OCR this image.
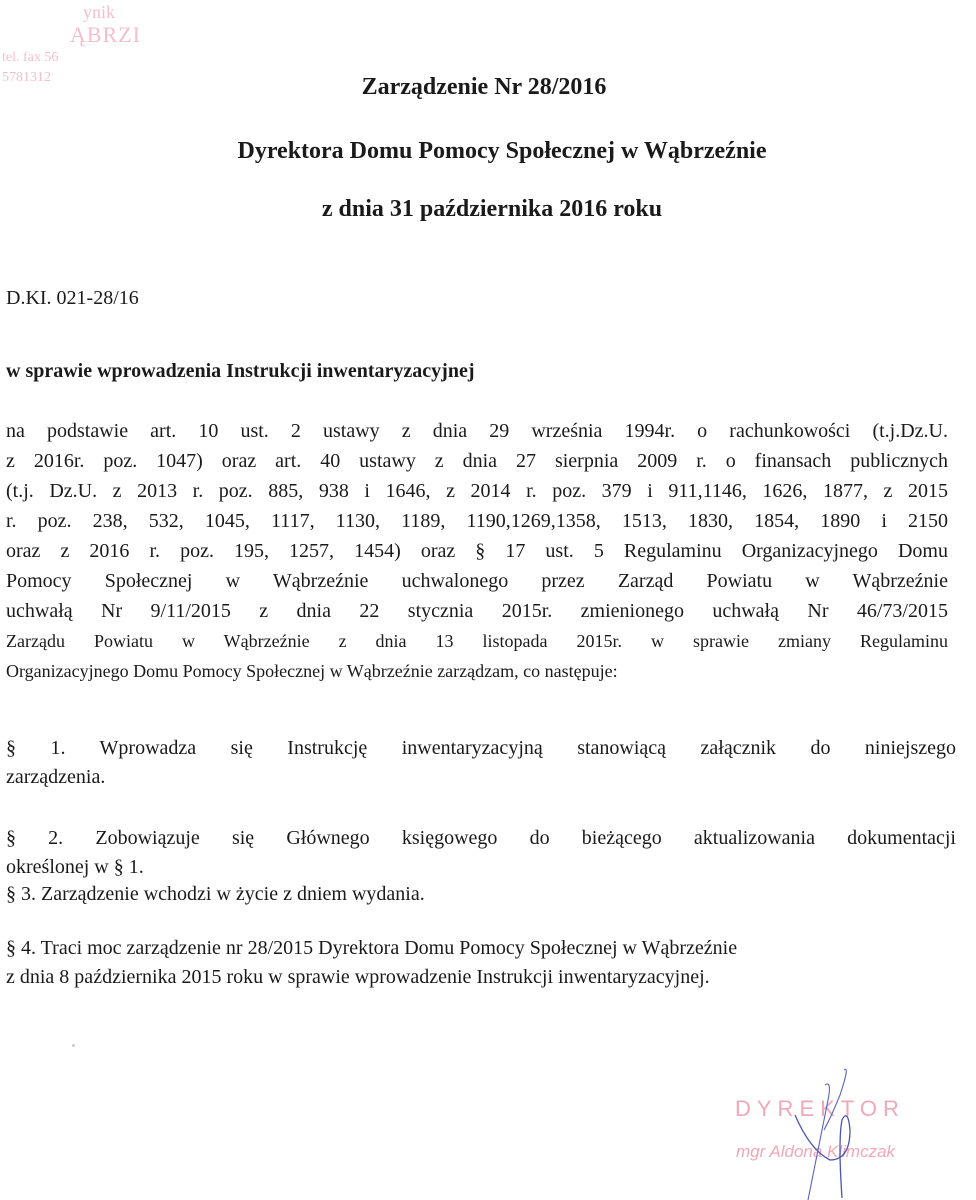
ynik
ĄBRZI
tel. fax 56
5781312	Zarządzenie Nr 28/2016
Dyrektora Domu Pomocy Społecznej w Wąbrzeźnie
z dnia 31 października 2016 roku
D.KI. 021-28/16
w sprawie wprowadzenia Instrukcji inwentaryzacyjnej
na podstawie art. 10 ust. 2 ustawy z dnia 29 września 1994r. o rachunkowości (t.j.Dz.U.
z 2016r. poz. 1047) oraz art. 40 ustawy z dnia 27 sierpnia 2009 r. o finansach publicznych
(t.j. Dz.U. z 2013 r. poz. 885, 938 i 1646, z 2014 r. poz. 379 i 911,1146, 1626, 1877, z 2015
r. poz. 238, 532, 1045, 1117, 1130, 1189, 1190,1269,1358, 1513, 1830, 1854, 1890 i 2150
oraz z 2016 r. poz. 195, 1257, 1454) oraz § 17 ust. 5 Regulaminu Organizacyjnego Domu
Pomocy Społecznej w Wąbrzeźnie uchwalonego przez Zarząd Powiatu w Wąbrzeźnie
uchwałą Nr 9/11/2015 z dnia 22 stycznia 2015r. zmienionego uchwałą Nr 46/73/2015
Zarządu Powiatu w Wąbrzeźnie z dnia 13 listopada 2015r. w sprawie zmiany Regulaminu
Organizacyjnego Domu Pomocy Społecznej w Wąbrzeźnie zarządzam, co następuje:
§ 1. Wprowadza się Instrukcję inwentaryzacyjną stanowiącą załącznik do niniejszego
zarządzenia.
§ 2. Zobowiązuje się Głównego księgowego do bieżącego aktualizowania dokumentacji
określonej w § 1.
§ 3. Zarządzenie wchodzi w życie z dniem wydania.
§ 4. Traci moc zarządzenie nr 28/2015 Dyrektora Domu Pomocy Społecznej w Wąbrzeźnie
z dnia 8 października 2015 roku w sprawie wprowadzenie Instrukcji inwentaryzacyjnej.
DYREKTOR
mgr Aldona Klimczak
